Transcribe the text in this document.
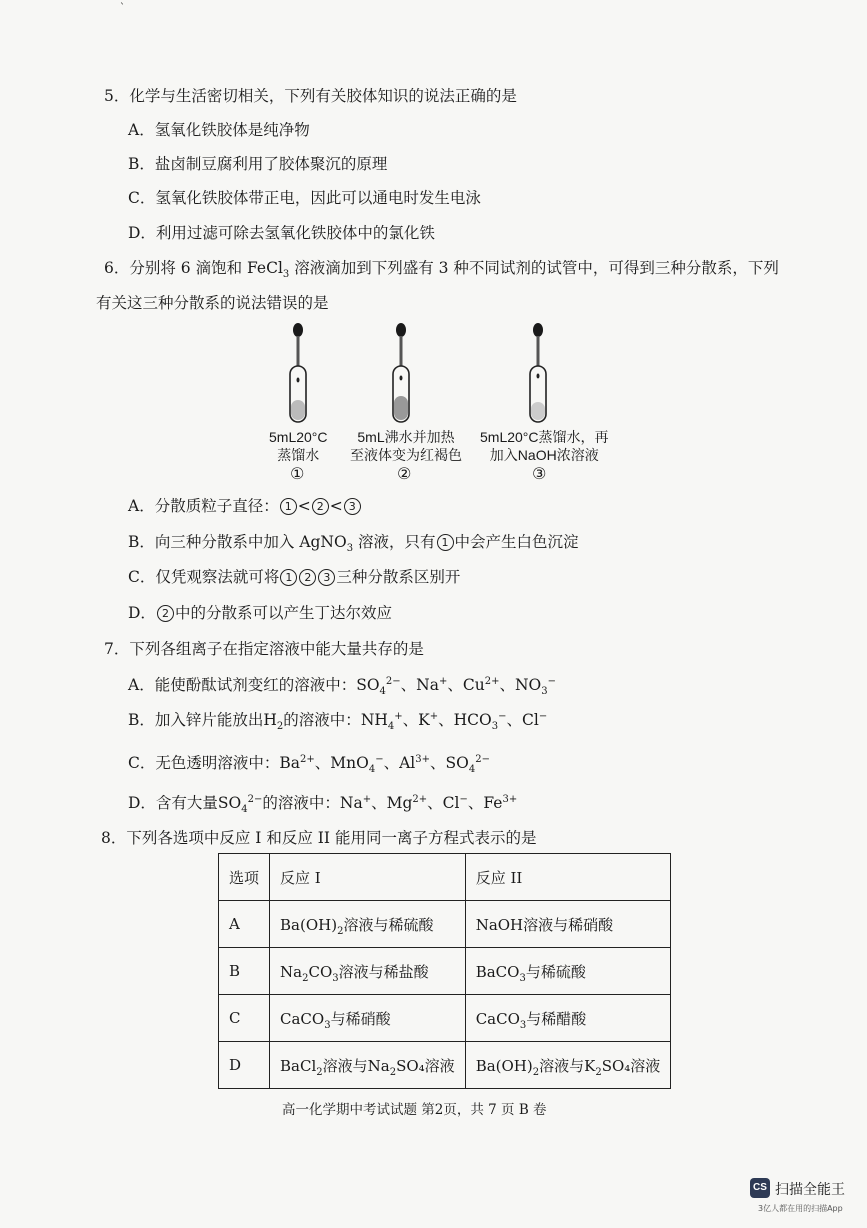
`
5．化学与生活密切相关，下列有关胶体知识的说法正确的是
A．氢氧化铁胶体是纯净物
B．盐卤制豆腐利用了胶体聚沉的原理
C．氢氧化铁胶体带正电，因此可以通电时发生电泳
D．利用过滤可除去氢氧化铁胶体中的氯化铁
6．分别将 6 滴饱和 FeCl$_3$ 溶液滴加到下列盛有 3 种不同试剂的试管中，可得到三种分散系，下列
有关这三种分散系的说法错误的是
5mL20°C
蒸馏水
①
5mL沸水并加热
至液体变为红褐色
②
5mL20°C蒸馏水，再
加入NaOH浓溶液
③
A．分散质粒子直径： 1 < 2 < 3
B．向三种分散系中加入 AgNO$_3$ 溶液，只有 1 中会产生白色沉淀
C．仅凭观察法就可将 1 2 3 三种分散系区别开
D． 2 中的分散系可以产生丁达尔效应
7．下列各组离子在指定溶液中能大量共存的是
A．能使酚酞试剂变红的溶液中：$SO_4^{2-}$、Na+、$Cu^{2+}$、$NO_3^-$
B．加入锌片能放出$H_2$的溶液中：$NH_4^+$、K+、$HCO_3^-$、Cl−
C．无色透明溶液中：$Ba^{2+}$、MnO$_4$−、$Al^{3+}$、$SO_4^{2-}$
D．含有大量$SO_4^{2-}$的溶液中：Na+、$Mg^{2+}$、Cl−、$Fe^{3+}$
8．下列各选项中反应 I 和反应 II 能用同一离子方程式表示的是
选项	反应 I	反应 II
A	$Ba(OH)_2$溶液与稀硫酸	NaOH溶液与稀硝酸
B	$Na_2CO_3$溶液与稀盐酸	BaCO$_3$与稀硫酸
C	CaCO$_3$与稀硝酸	CaCO$_3$与稀醋酸
D	BaCl$_2$溶液与$Na_2SO_4$溶液	$Ba(OH)_2$溶液与$K_2SO_4$溶液
高一化学期中考试试题 第2页，共 7 页 B 卷
CS 扫描全能王
3亿人都在用的扫描App
